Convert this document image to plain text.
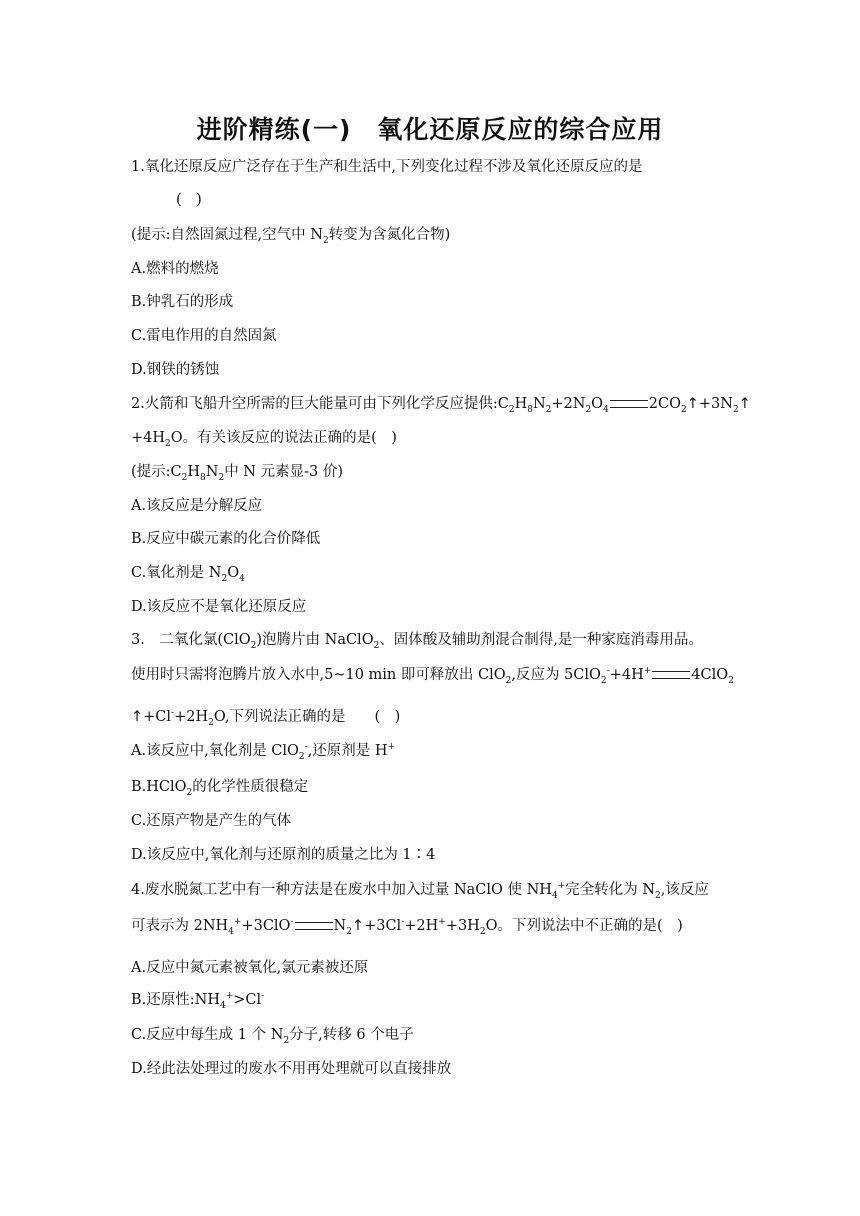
进阶精练(一)　氧化还原反应的综合应用
1.氧化还原反应广泛存在于生产和生活中,下列变化过程不涉及氧化还原反应的是
(　)
(提示:自然固氮过程,空气中 $N_2$转变为含氮化合物)
A.燃料的燃烧
B.钟乳石的形成
C.雷电作用的自然固氮
D.钢铁的锈蚀
2.火箭和飞船升空所需的巨大能量可由下列化学反应提供$:C_2H_8N_2+2N_2O_4$	$2CO_2↑+3N_2↑$
$+4H_2O$。有关该反应的说法正确的是(　)
(提示$:C_2H_8N_2$中 N 元素显-3 价)
A.该反应是分解反应
B.反应中碳元素的化合价降低
C.氧化剂是 $N_2O_4$
D.该反应不是氧化还原反应
3.　二氧化氯(ClO$_2$)泡腾片由 NaClO$_2$、固体酸及辅助剂混合制得,是一种家庭消毒用品。
使用时只需将泡腾片放入水中,5~10 min 即可释放出 ClO$_2$,反应为 5ClO$_2$-+4H+	4ClO$_2$
$↑+Cl^-+2H_2O$,下列说法正确的是　　(　)
A.该反应中,氧化剂是 ClO$_2$-,还原剂是 H+
B.HClO$_2$的化学性质很稳定
C.还原产物是产生的气体
D.该反应中,氧化剂与还原剂的质量之比为 1∶4
4.废水脱氮工艺中有一种方法是在废水中加入过量 NaClO 使 $NH_4^+$完全转化为 $N_2$,该反应
可表示为 $2NH_4^++3ClO^-$	$N_2↑+3Cl^-+2H^++3H_2O$。下列说法中不正确的是(　)
A.反应中氮元素被氧化,氯元素被还原
B.还原性$:NH_4^+>Cl^-$
C.反应中每生成 1 个 $N_2$分子,转移 6 个电子
D.经此法处理过的废水不用再处理就可以直接排放
